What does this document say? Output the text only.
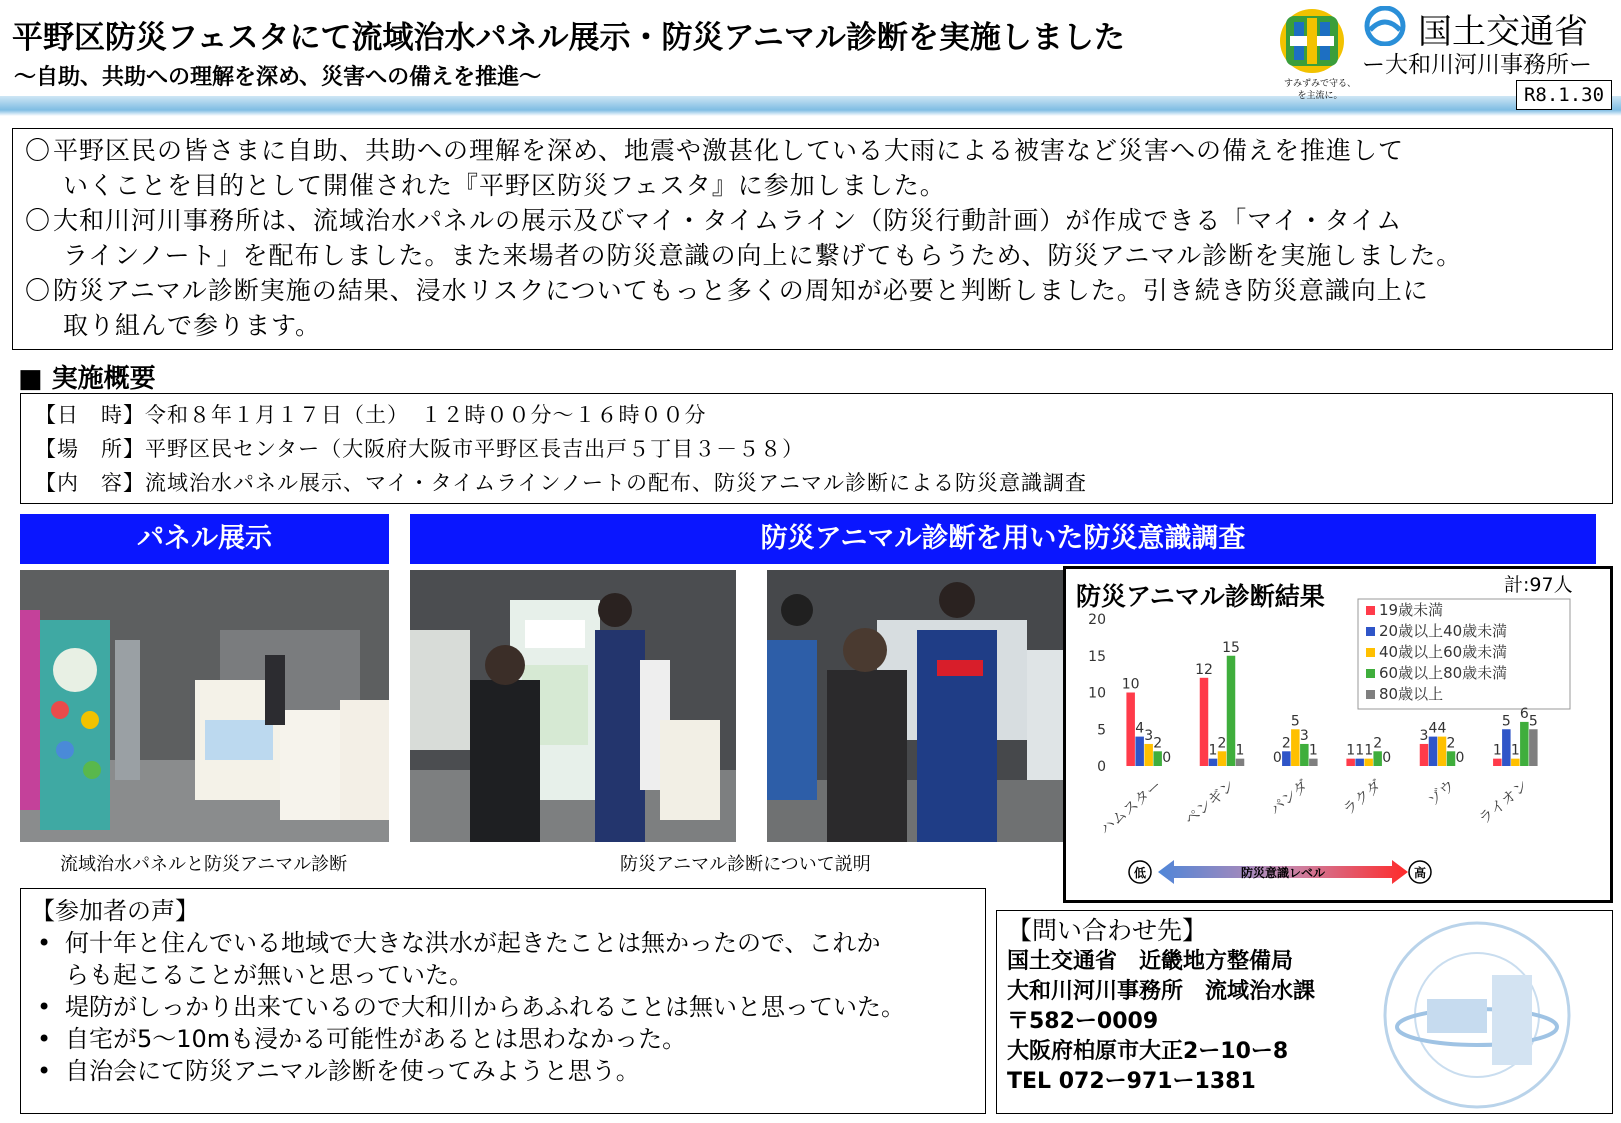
平野区防災フェスタにて流域治水パネル展示・防災アニマル診断を実施しました
～自助、共助への理解を深め、災害への備えを推進～	すみずみで守る、
を主流に。
国土交通省
ー大和川河川事務所ー
R8.1.30

〇平野区民の皆さまに自助、共助への理解を深め、地震や激甚化している大雨による被害など災害への備えを推進して
いくことを目的として開催された『平野区防災フェスタ』に参加しました。

〇大和川河川事務所は、流域治水パネルの展示及びマイ・タイムライン（防災行動計画）が作成できる「マイ・タイム
ラインノート」を配布しました。また来場者の防災意識の向上に繋げてもらうため、防災アニマル診断を実施しました。

〇防災アニマル診断実施の結果、浸水リスクについてもっと多くの周知が必要と判断しました。引き続き防災意識向上に
取り組んで参ります。

■ 実施概要
【日　時】令和８年１月１７日（土）　１２時００分～１６時００分
【場　所】平野区民センター（大阪府大阪市平野区長吉出戸５丁目３－５８）
【内　容】流域治水パネル展示、マイ・タイムラインノートの配布、防災アニマル診断による防災意識調査
パネル展示	防災アニマル診断を用いた防災意識調査
流域治水パネルと防災アニマル診断	防災アニマル診断について説明
防災アニマル診断結果	計:97人
19歳未満
20歳以上40歳未満
40歳以上60歳未満
60歳以上80歳未満
80歳以上
0
5
10
15
20
10
4 3 2
0
12
1 2
15
1 0
2
5
3
1 1 1 1 2
0
3 4 4
2
0 1
5
1
6 5
ハムスター ペンギン パンダ ラクダ	ゾウ ライオン
低	高
防災意識レベル
【参加者の声】
• 何十年と住んでいる地域で大きな洪水が起きたことは無かったので、これか
らも起こることが無いと思っていた。
• 堤防がしっかり出来ているので大和川からあふれることは無いと思っていた。
• 自宅が5～10mも浸かる可能性があるとは思わなかった。
• 自治会にて防災アニマル診断を使ってみようと思う。
【問い合わせ先】
国土交通省　近畿地方整備局
大和川河川事務所　流域治水課
〒582ー0009
大阪府柏原市大正2ー10ー8
TEL 072ー971ー1381
